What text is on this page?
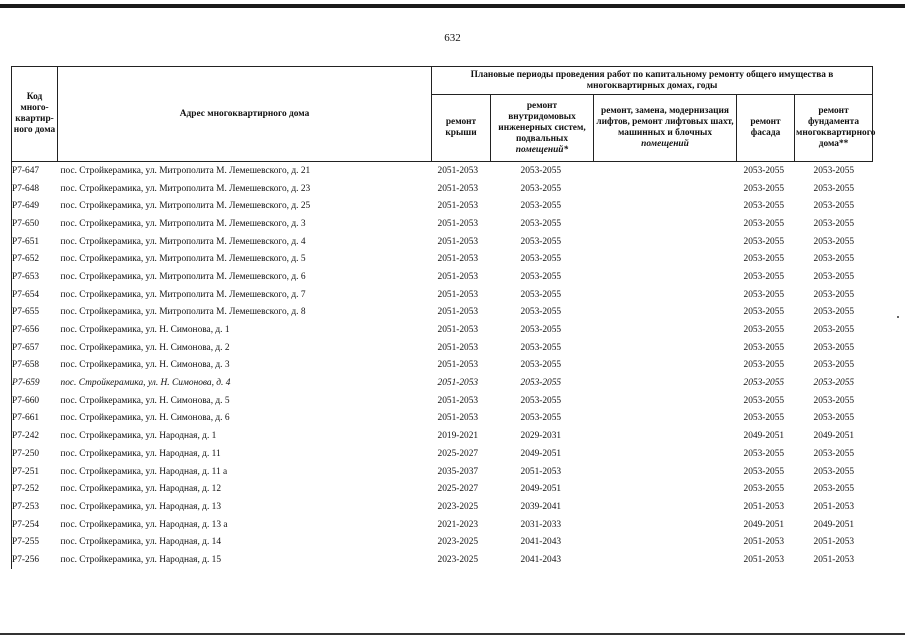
632
Код много-квартир-ного дома	Адрес многоквартирного дома	Плановые периоды проведения работ по капитальному ремонту общего имущества в многоквартирных домах, годы				
		ремонт крыши	ремонт внутридомовых инженерных систем, подвальных помещений*	ремонт, замена, модернизация лифтов, ремонт лифтовых шахт, машинных и блочных помещений	ремонт фасада	ремонт фундамента многоквартирного дома**
Р7-647	пос. Стройкерамика, ул. Митрополита М. Лемешевского, д. 21	2051-2053	2053-2055		2053-2055	2053-2055
Р7-648	пос. Стройкерамика, ул. Митрополита М. Лемешевского, д. 23	2051-2053	2053-2055		2053-2055	2053-2055
Р7-649	пос. Стройкерамика, ул. Митрополита М. Лемешевского, д. 25	2051-2053	2053-2055		2053-2055	2053-2055
Р7-650	пос. Стройкерамика, ул. Митрополита М. Лемешевского, д. 3	2051-2053	2053-2055		2053-2055	2053-2055
Р7-651	пос. Стройкерамика, ул. Митрополита М. Лемешевского, д. 4	2051-2053	2053-2055		2053-2055	2053-2055
Р7-652	пос. Стройкерамика, ул. Митрополита М. Лемешевского, д. 5	2051-2053	2053-2055		2053-2055	2053-2055
Р7-653	пос. Стройкерамика, ул. Митрополита М. Лемешевского, д. 6	2051-2053	2053-2055		2053-2055	2053-2055
Р7-654	пос. Стройкерамика, ул. Митрополита М. Лемешевского, д. 7	2051-2053	2053-2055		2053-2055	2053-2055
Р7-655	пос. Стройкерамика, ул. Митрополита М. Лемешевского, д. 8	2051-2053	2053-2055		2053-2055	2053-2055
Р7-656	пос. Стройкерамика, ул. Н. Симонова, д. 1	2051-2053	2053-2055		2053-2055	2053-2055
Р7-657	пос. Стройкерамика, ул. Н. Симонова, д. 2	2051-2053	2053-2055		2053-2055	2053-2055
Р7-658	пос. Стройкерамика, ул. Н. Симонова, д. 3	2051-2053	2053-2055		2053-2055	2053-2055
Р7-659	пос. Стройкерамика, ул. Н. Симонова, д. 4	2051-2053	2053-2055		2053-2055	2053-2055
Р7-660	пос. Стройкерамика, ул. Н. Симонова, д. 5	2051-2053	2053-2055		2053-2055	2053-2055
Р7-661	пос. Стройкерамика, ул. Н. Симонова, д. 6	2051-2053	2053-2055		2053-2055	2053-2055
Р7-242	пос. Стройкерамика, ул. Народная, д. 1	2019-2021	2029-2031		2049-2051	2049-2051
Р7-250	пос. Стройкерамика, ул. Народная, д. 11	2025-2027	2049-2051		2053-2055	2053-2055
Р7-251	пос. Стройкерамика, ул. Народная, д. 11 а	2035-2037	2051-2053		2053-2055	2053-2055
Р7-252	пос. Стройкерамика, ул. Народная, д. 12	2025-2027	2049-2051		2053-2055	2053-2055
Р7-253	пос. Стройкерамика, ул. Народная, д. 13	2023-2025	2039-2041		2051-2053	2051-2053
Р7-254	пос. Стройкерамика, ул. Народная, д. 13 а	2021-2023	2031-2033		2049-2051	2049-2051
Р7-255	пос. Стройкерамика, ул. Народная, д. 14	2023-2025	2041-2043		2051-2053	2051-2053
Р7-256	пос. Стройкерамика, ул. Народная, д. 15	2023-2025	2041-2043		2051-2053	2051-2053
